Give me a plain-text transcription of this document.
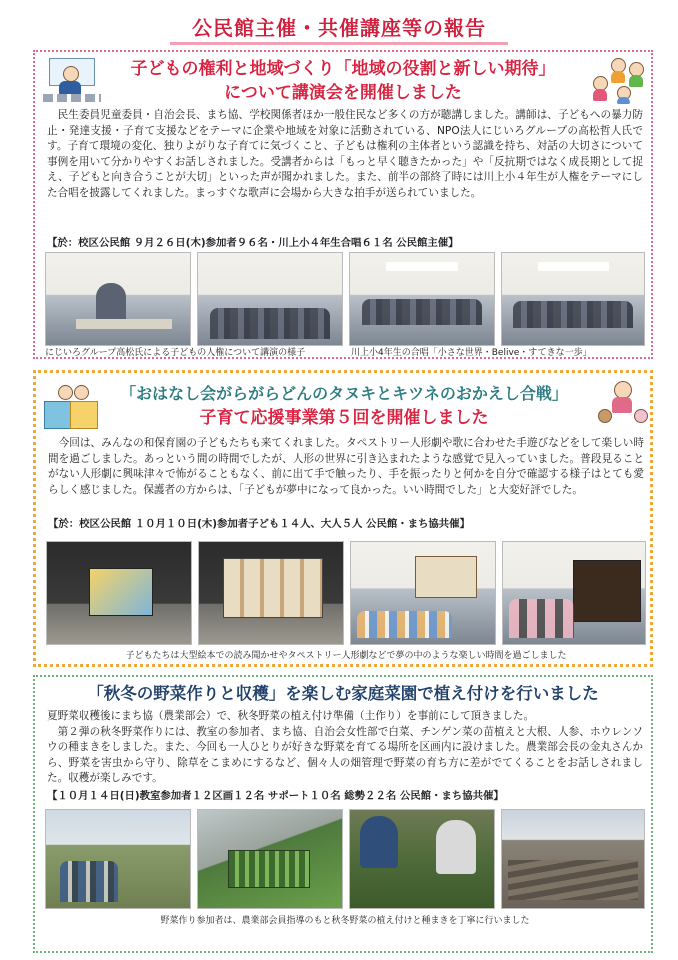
公民館主催・共催講座等の報告
子どもの権利と地域づくり「地域の役割と新しい期待」
について講演会を開催しました
民生委員児童委員・自治会長、まち協、学校関係者ほか一般住民など多くの方が聴講しました。講師は、子どもへの暴力防止・発達支援・子育て支援などをテーマに企業や地域を対象に活動されている、NPO法人にじいろグループの高松哲人氏です。子育て環境の変化、独りよがりな子育てに気づくこと、子どもは権利の主体者という認識を持ち、対話の大切さについて事例を用いて分かりやすくお話しされました。受講者からは「もっと早く聴きたかった」や「反抗期ではなく成長期として捉え、子どもと向き合うことが大切」といった声が聞かれました。また、前半の部終了時には川上小４年生が人権をテーマにした合唱を披露してくれました。まっすぐな歌声に会場から大きな拍手が送られていました。
【於：校区公民館 ９月２６日(木)参加者９６名・川上小４年生合唱６１名 公民館主催】
にじいろグループ高松氏による子どもの人権について講演の様子	川上小4年生の合唱「小さな世界・Belive・すてきな一歩」
「おはなし会がらがらどんのタヌキとキツネのおかえし合戦」
子育て応援事業第５回を開催しました
今回は、みんなの和保育園の子どもたちも来てくれました。タペストリー人形劇や歌に合わせた手遊びなどをして楽しい時間を過ごしました。あっという間の時間でしたが、人形の世界に引き込まれたような感覚で見入っていました。普段見ることがない人形劇に興味津々で怖がることもなく、前に出て手で触ったり、手を振ったりと何かを自分で確認する様子はとても愛らしく感じました。保護者の方からは、「子どもが夢中になって良かった。いい時間でした」と大変好評でした。
【於：校区公民館 １０月１０日(木)参加者子ども１４人、大人５人 公民館・まち協共催】
子どもたちは大型絵本での読み聞かせやタペストリー人形劇などで夢の中のような楽しい時間を過ごしました
「秋冬の野菜作りと収穫」を楽しむ家庭菜園で植え付けを行いました

夏野菜収穫後にまち協（農業部会）で、秋冬野菜の植え付け準備（土作り）を事前にして頂きました。

第２弾の秋冬野菜作りには、教室の参加者、まち協、自治会女性部で白菜、チンゲン菜の苗植えと大根、人参、ホウレンソウの種まきをしました。また、今回も一人ひとりが好きな野菜を育てる場所を区画内に設けました。農業部会長の金丸さんから、野菜を害虫から守り、除草をこまめにするなど、個々人の畑管理で野菜の育ち方に差がでてくることをお話しされました。収穫が楽しみです。

【１０月１４日(日)教室参加者１２区画１２名 サポート１０名 総勢２２名 公民館・まち協共催】
野菜作り参加者は、農業部会員指導のもと秋冬野菜の植え付けと種まきを丁寧に行いました
